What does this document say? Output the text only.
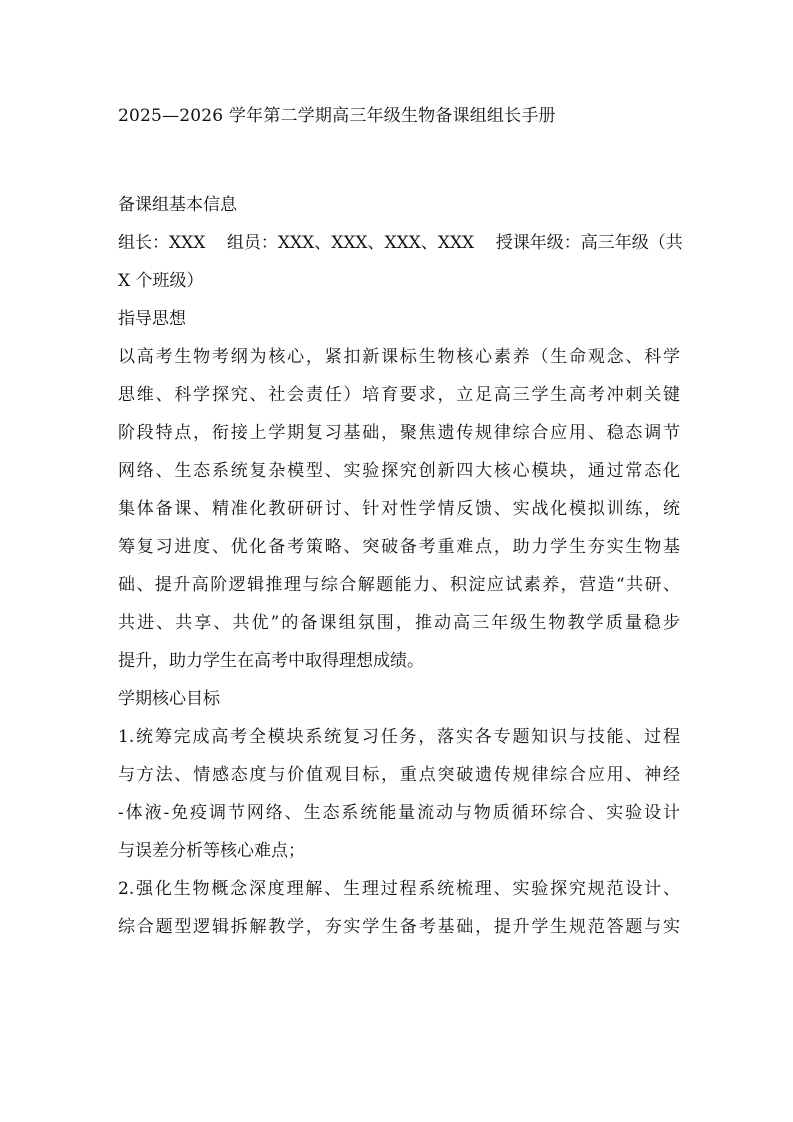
2025—2026 学年第二学期高三年级生物备课组组长手册
备课组基本信息
组长：XXX    组员：XXX、XXX、XXX、XXX    授课年级：高三年级（共
X 个班级）
指导思想
以高考生物考纲为核心，紧扣新课标生物核心素养（生命观念、科学
思维、科学探究、社会责任）培育要求，立足高三学生高考冲刺关键
阶段特点，衔接上学期复习基础，聚焦遗传规律综合应用、稳态调节
网络、生态系统复杂模型、实验探究创新四大核心模块，通过常态化
集体备课、精准化教研研讨、针对性学情反馈、实战化模拟训练，统
筹复习进度、优化备考策略、突破备考重难点，助力学生夯实生物基
础、提升高阶逻辑推理与综合解题能力、积淀应试素养，营造“共研、
共进、共享、共优”的备课组氛围，推动高三年级生物教学质量稳步
提升，助力学生在高考中取得理想成绩。
学期核心目标
1.统筹完成高考全模块系统复习任务，落实各专题知识与技能、过程
与方法、情感态度与价值观目标，重点突破遗传规律综合应用、神经
-体液-免疫调节网络、生态系统能量流动与物质循环综合、实验设计
与误差分析等核心难点；
2.强化生物概念深度理解、生理过程系统梳理、实验探究规范设计、
综合题型逻辑拆解教学，夯实学生备考基础，提升学生规范答题与实
